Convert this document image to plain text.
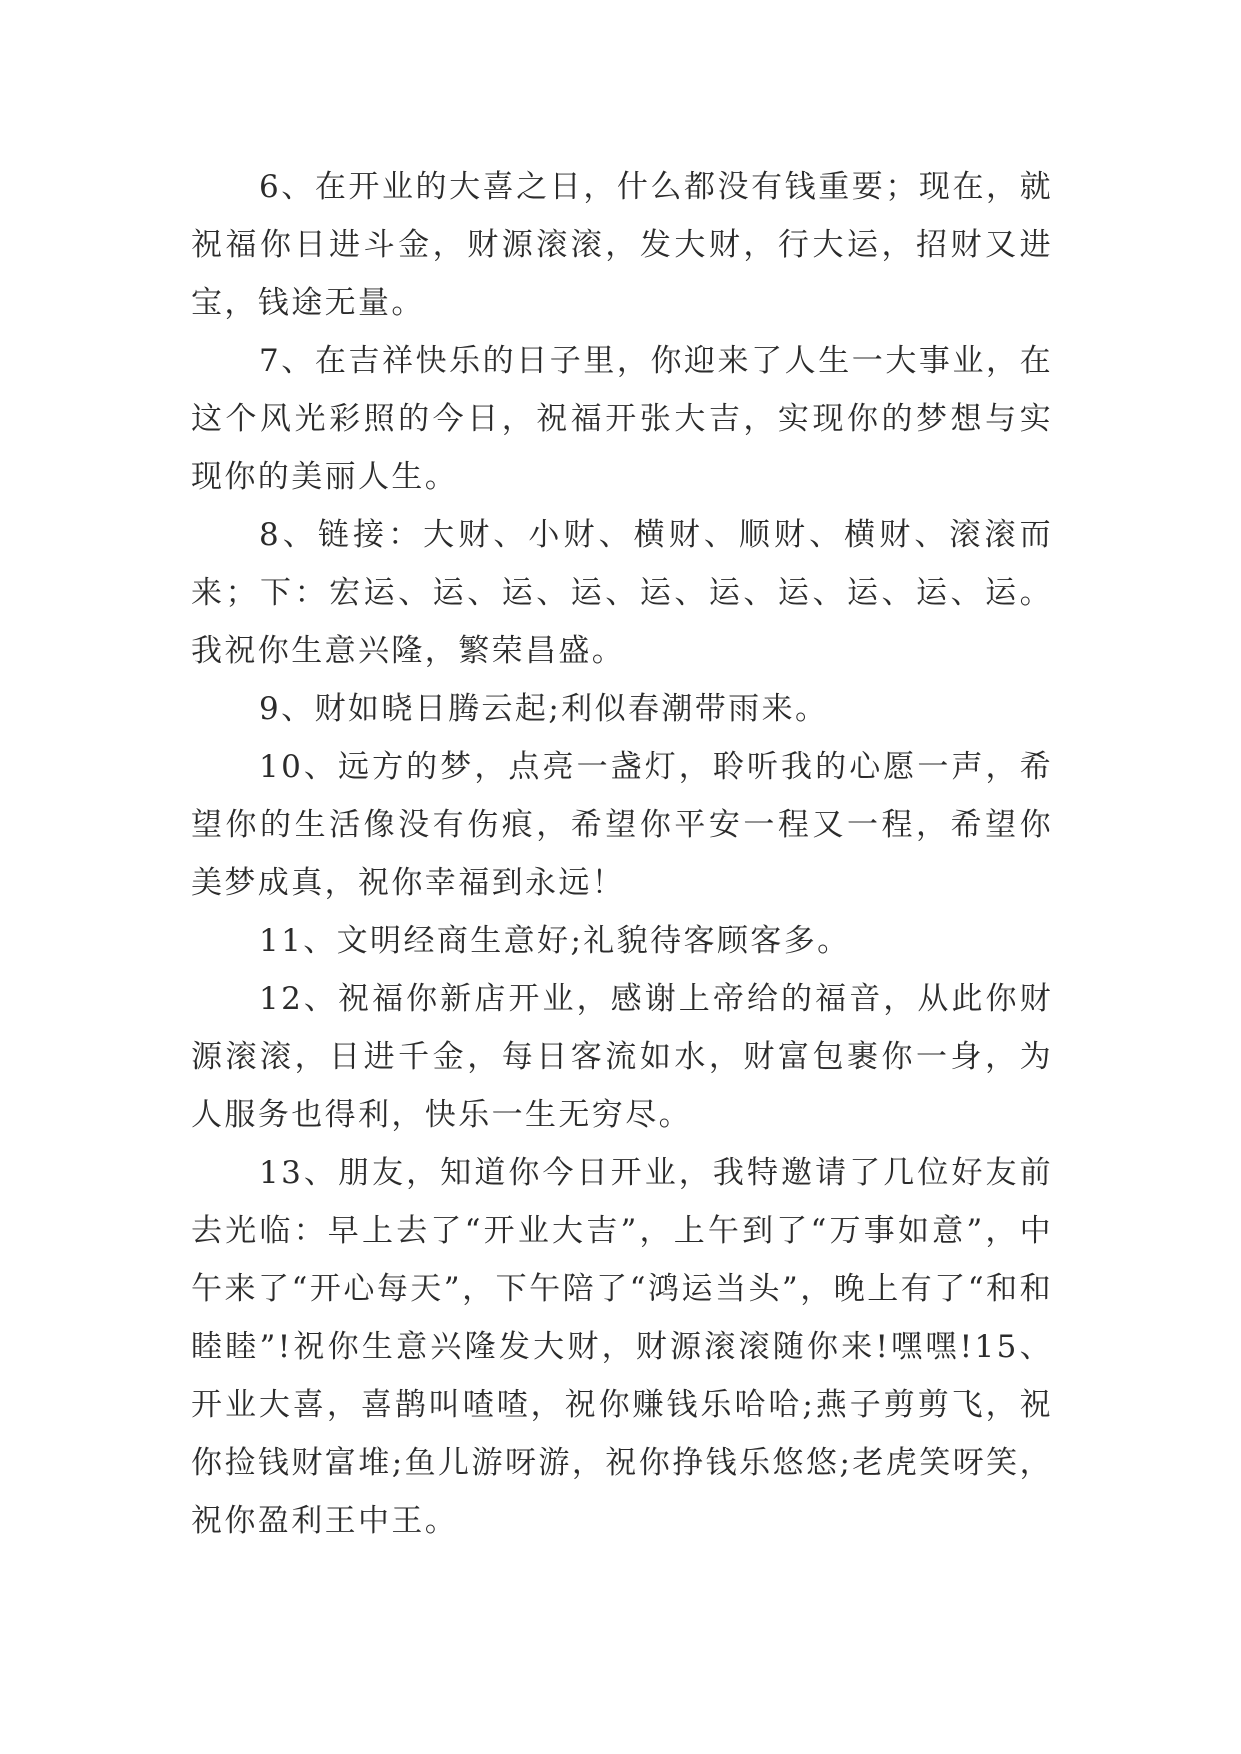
6、在开业的大喜之日，什么都没有钱重要；现在，就祝福你日进斗金，财源滚滚，发大财，行大运，招财又进宝，钱途无量。

7、在吉祥快乐的日子里，你迎来了人生一大事业，在这个风光彩照的今日，祝福开张大吉，实现你的梦想与实现你的美丽人生。

8、链接：大财、小财、横财、顺财、横财、滚滚而来；下：宏运、运、运、运、运、运、运、运、运、运。我祝你生意兴隆，繁荣昌盛。

9、财如晓日腾云起;利似春潮带雨来。

10、远方的梦，点亮一盏灯，聆听我的心愿一声，希望你的生活像没有伤痕，希望你平安一程又一程，希望你美梦成真，祝你幸福到永远！

11、文明经商生意好;礼貌待客顾客多。

12、祝福你新店开业，感谢上帝给的福音，从此你财源滚滚，日进千金，每日客流如水，财富包裹你一身，为人服务也得利，快乐一生无穷尽。

13、朋友，知道你今日开业，我特邀请了几位好友前去光临：早上去了“开业大吉”，上午到了“万事如意”，中午来了“开心每天”，下午陪了“鸿运当头”，晚上有了“和和睦睦”!祝你生意兴隆发大财，财源滚滚随你来!嘿嘿!15、开业大喜，喜鹊叫喳喳，祝你赚钱乐哈哈;燕子剪剪飞，祝你捡钱财富堆;鱼儿游呀游，祝你挣钱乐悠悠;老虎笑呀笑，祝你盈利王中王。
